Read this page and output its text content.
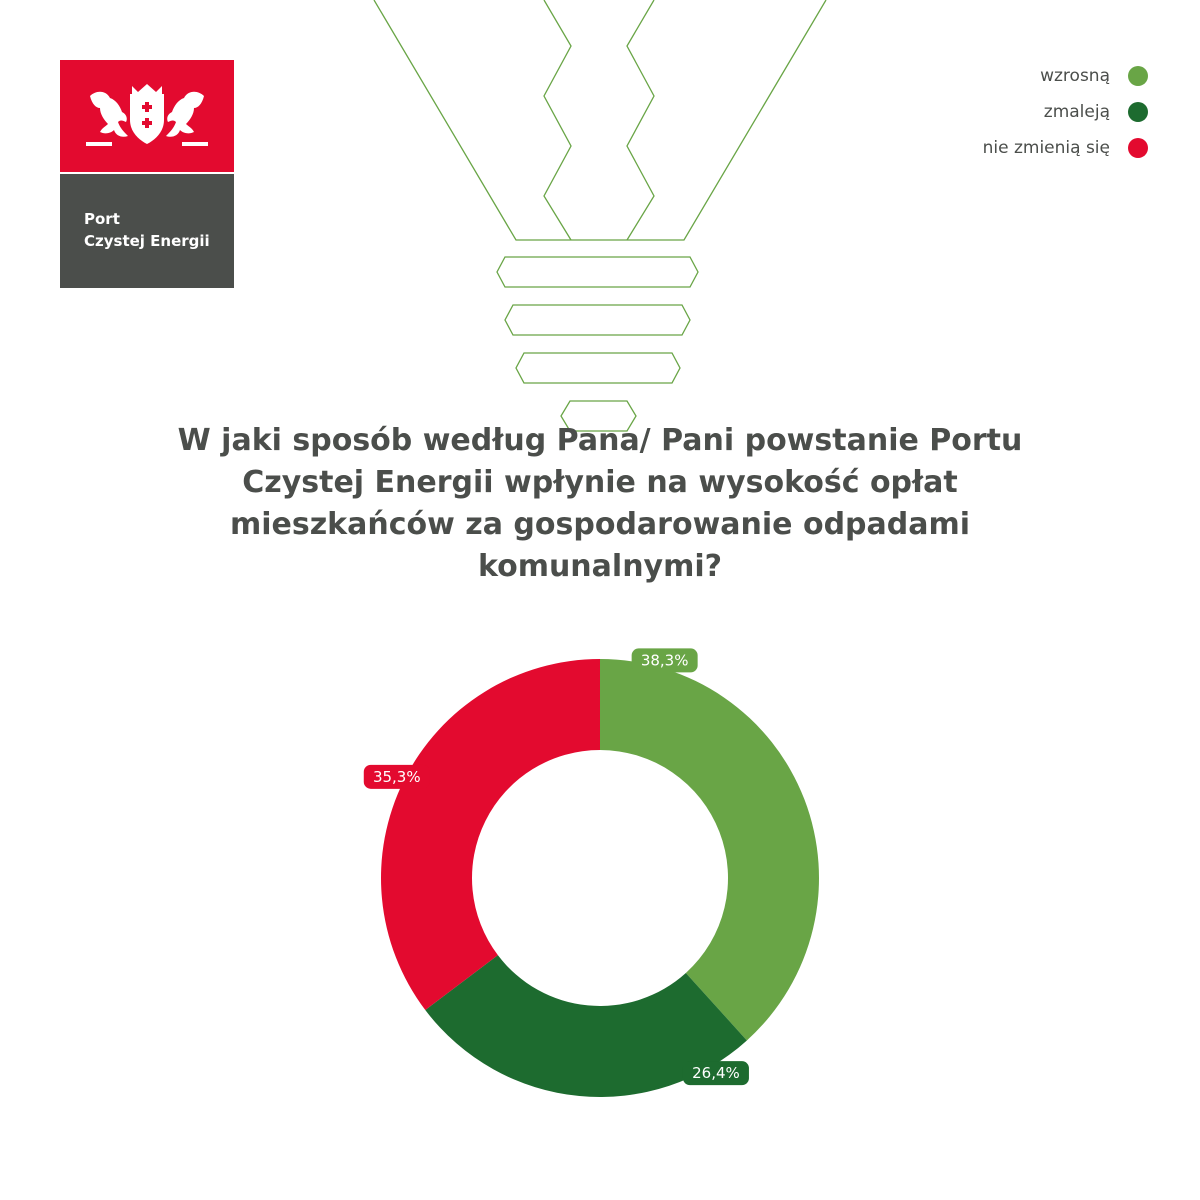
Port
Czystej Energii
wzrosną
zmaleją
nie zmienią się
W jaki sposób według Pana/ Pani powstanie Portu Czystej Energii wpłynie na wysokość opłat mieszkańców za gospodarowanie odpadami komunalnymi?
38,3%
26,4%
35,3%
